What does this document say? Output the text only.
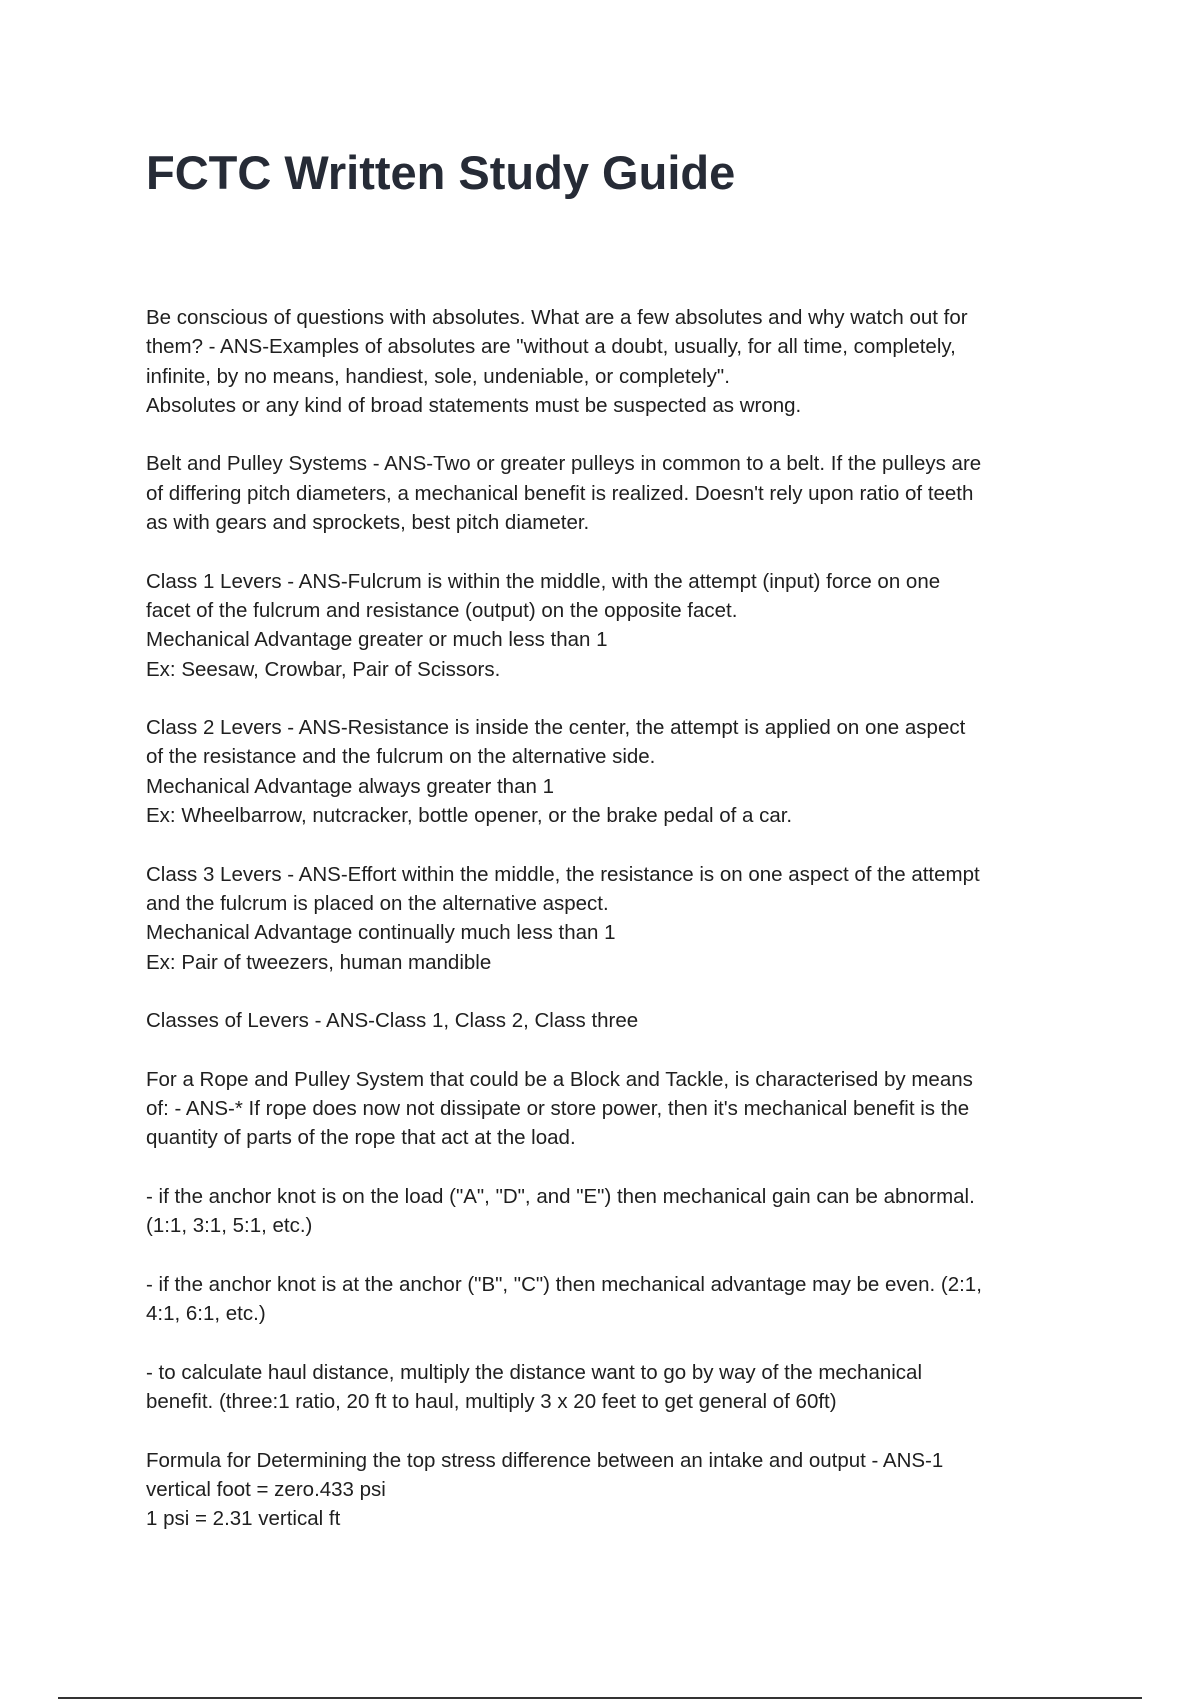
FCTC Written Study Guide

Be conscious of questions with absolutes. What are a few absolutes and why watch out for
them? - ANS-Examples of absolutes are "without a doubt, usually, for all time, completely,
infinite, by no means, handiest, sole, undeniable, or completely".
Absolutes or any kind of broad statements must be suspected as wrong.

Belt and Pulley Systems - ANS-Two or greater pulleys in common to a belt. If the pulleys are
of differing pitch diameters, a mechanical benefit is realized. Doesn't rely upon ratio of teeth
as with gears and sprockets, best pitch diameter.

Class 1 Levers - ANS-Fulcrum is within the middle, with the attempt (input) force on one
facet of the fulcrum and resistance (output) on the opposite facet.
Mechanical Advantage greater or much less than 1
Ex: Seesaw, Crowbar, Pair of Scissors.

Class 2 Levers - ANS-Resistance is inside the center, the attempt is applied on one aspect
of the resistance and the fulcrum on the alternative side.
Mechanical Advantage always greater than 1
Ex: Wheelbarrow, nutcracker, bottle opener, or the brake pedal of a car.

Class 3 Levers - ANS-Effort within the middle, the resistance is on one aspect of the attempt
and the fulcrum is placed on the alternative aspect.
Mechanical Advantage continually much less than 1
Ex: Pair of tweezers, human mandible

Classes of Levers - ANS-Class 1, Class 2, Class three

For a Rope and Pulley System that could be a Block and Tackle, is characterised by means
of: - ANS-* If rope does now not dissipate or store power, then it's mechanical benefit is the
quantity of parts of the rope that act at the load.

- if the anchor knot is on the load ("A", "D", and "E") then mechanical gain can be abnormal.
(1:1, 3:1, 5:1, etc.)

- if the anchor knot is at the anchor ("B", "C") then mechanical advantage may be even. (2:1,
4:1, 6:1, etc.)

- to calculate haul distance, multiply the distance want to go by way of the mechanical
benefit. (three:1 ratio, 20 ft to haul, multiply 3 x 20 feet to get general of 60ft)

Formula for Determining the top stress difference between an intake and output - ANS-1
vertical foot = zero.433 psi
1 psi = 2.31 vertical ft
